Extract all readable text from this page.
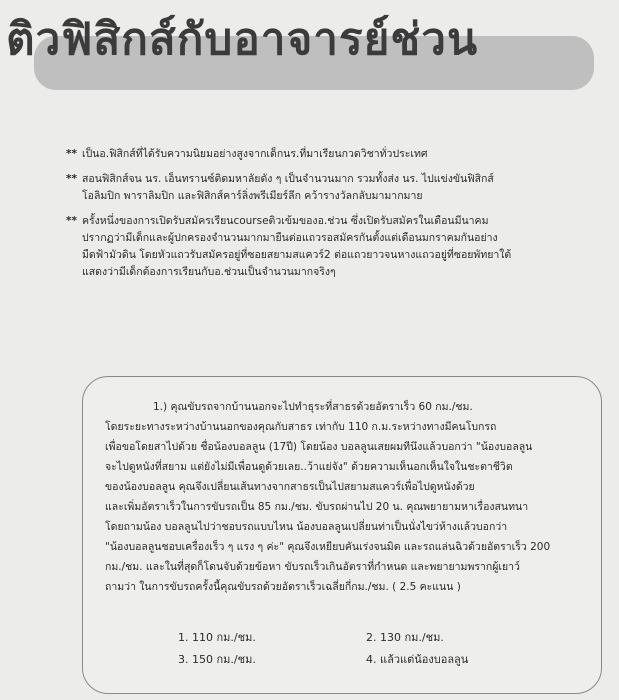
ติวฟิสิกส์กับอาจารย์ช่วน
** เป็นอ.ฟิสิกส์ที่ได้รับความนิยมอย่างสูงจากเด็กนร.ที่มาเรียนกวดวิชาทั่วประเทศ
** สอนฟิสิกส์จน นร. เอ็นทรานซ์ติดมหาลัยดัง ๆ เป็นจำนวนมาก รวมทั้งส่ง นร. ไปแข่งขันฟิสิกส์
โอลิมปิก พาราลิมปิก และฟิสิกส์คาร์ลิ่งพรีเมียร์ลีก คว้ารางวัลกลับมามากมาย
** ครั้งหนึ่งของการเปิดรับสมัครเรียนcourseติวเข้มของอ.ช่วน ซึ่งเปิดรับสมัครในเดือนมีนาคม
ปรากฏว่ามีเด็กและผู้ปกครองจำนวนมากมายืนต่อแถวรอสมัครกันตั้งแต่เดือนมกราคมกันอย่าง
มืดฟ้ามัวดิน โดยหัวแถวรับสมัครอยู่ที่ซอยสยามสแควร์2 ต่อแถวยาวจนหางแถวอยู่ที่ซอยพัทยาใต้
แสดงว่ามีเด็กต้องการเรียนกับอ.ช่วนเป็นจำนวนมากจริงๆ
1.) คุณขับรถจากบ้านนอกจะไปทำธุระที่สาธรด้วยอัตราเร็ว 60 กม./ชม.
โดยระยะทางระหว่างบ้านนอกของคุณกับสาธร เท่ากับ 110 ก.ม.ระหว่างทางมีคนโบกรถ
เพื่อขอโดยสาไปด้วย ชื่อน้องบอลลูน (17ปี) โดยน้อง บอลลูนเสยผมทีนึงแล้วบอกว่า "น้องบอลลูน
จะไปดูหนังที่สยาม แต่ยังไม่มีเพื่อนดูด้วยเลย..ว้าแย่จัง" ด้วยความเห็นอกเห็นใจในชะตาชีวิต
ของน้องบอลลูน คุณจึงเปลี่ยนเส้นทางจากสาธรเป็นไปสยามสแควร์เพื่อไปดูหนังด้วย
และเพิ่มอัตราเร็วในการขับรถเป็น 85 กม./ชม. ขับรถผ่านไป 20 น. คุณพยายามหาเรื่องสนทนา
โดยถามน้อง บอลลูนไปว่าชอบรถแบบไหน น้องบอลลูนเปลี่ยนท่าเป็นนั่งไขว่ห้างแล้วบอกว่า
"น้องบอลลูนชอบเครื่องเร็ว ๆ แรง ๆ ค่ะ" คุณจึงเหยียบคันเร่งจนมิด และรถแล่นฉิวด้วยอัตราเร็ว 200
กม./ชม. และในที่สุดก็โดนจับด้วยข้อหา ขับรถเร็วเกินอัตราที่กำหนด และพยายามพรากผู้เยาว์
ถามว่า ในการขับรถครั้งนี้คุณขับรถด้วยอัตราเร็วเฉลี่ยกี่กม./ชม. ( 2.5 คะแนน )
1. 110 กม./ชม.	2. 130 กม./ชม.
3. 150 กม./ชม.	4. แล้วแต่น้องบอลลูน
